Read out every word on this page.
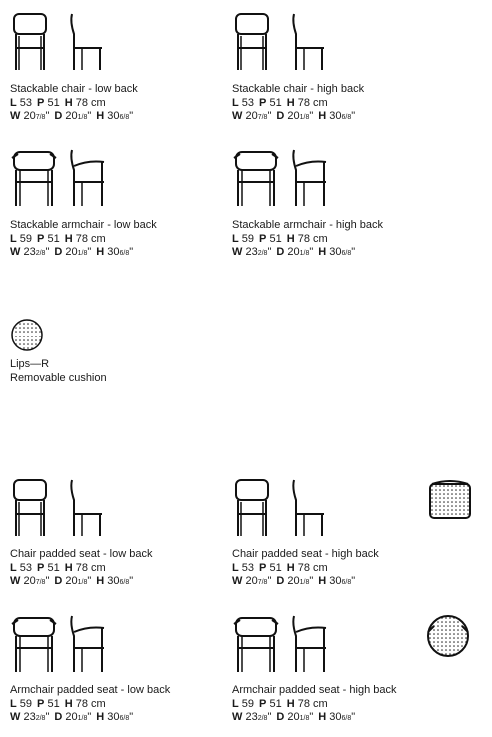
Lips—R
Removable cushion
Stackable chair - low back
L 53 P 51 H 78 cm
W 207/8" D 201/8" H 306/8"
Stackable chair - high back
L 53 P 51 H 78 cm
W 207/8" D 201/8" H 306/8"
Stackable armchair - low back
L 59 P 51 H 78 cm
W 232/8" D 201/8" H 306/8"
Stackable armchair - high back
L 59 P 51 H 78 cm
W 232/8" D 201/8" H 306/8"
Chair padded seat - low back
L 53 P 51 H 78 cm
W 207/8" D 201/8" H 306/8"
Chair padded seat - high back
L 53 P 51 H 78 cm
W 207/8" D 201/8" H 306/8"
Armchair padded seat - low back
L 59 P 51 H 78 cm
W 232/8" D 201/8" H 306/8"
Armchair padded seat - high back
L 59 P 51 H 78 cm
W 232/8" D 201/8" H 306/8"
